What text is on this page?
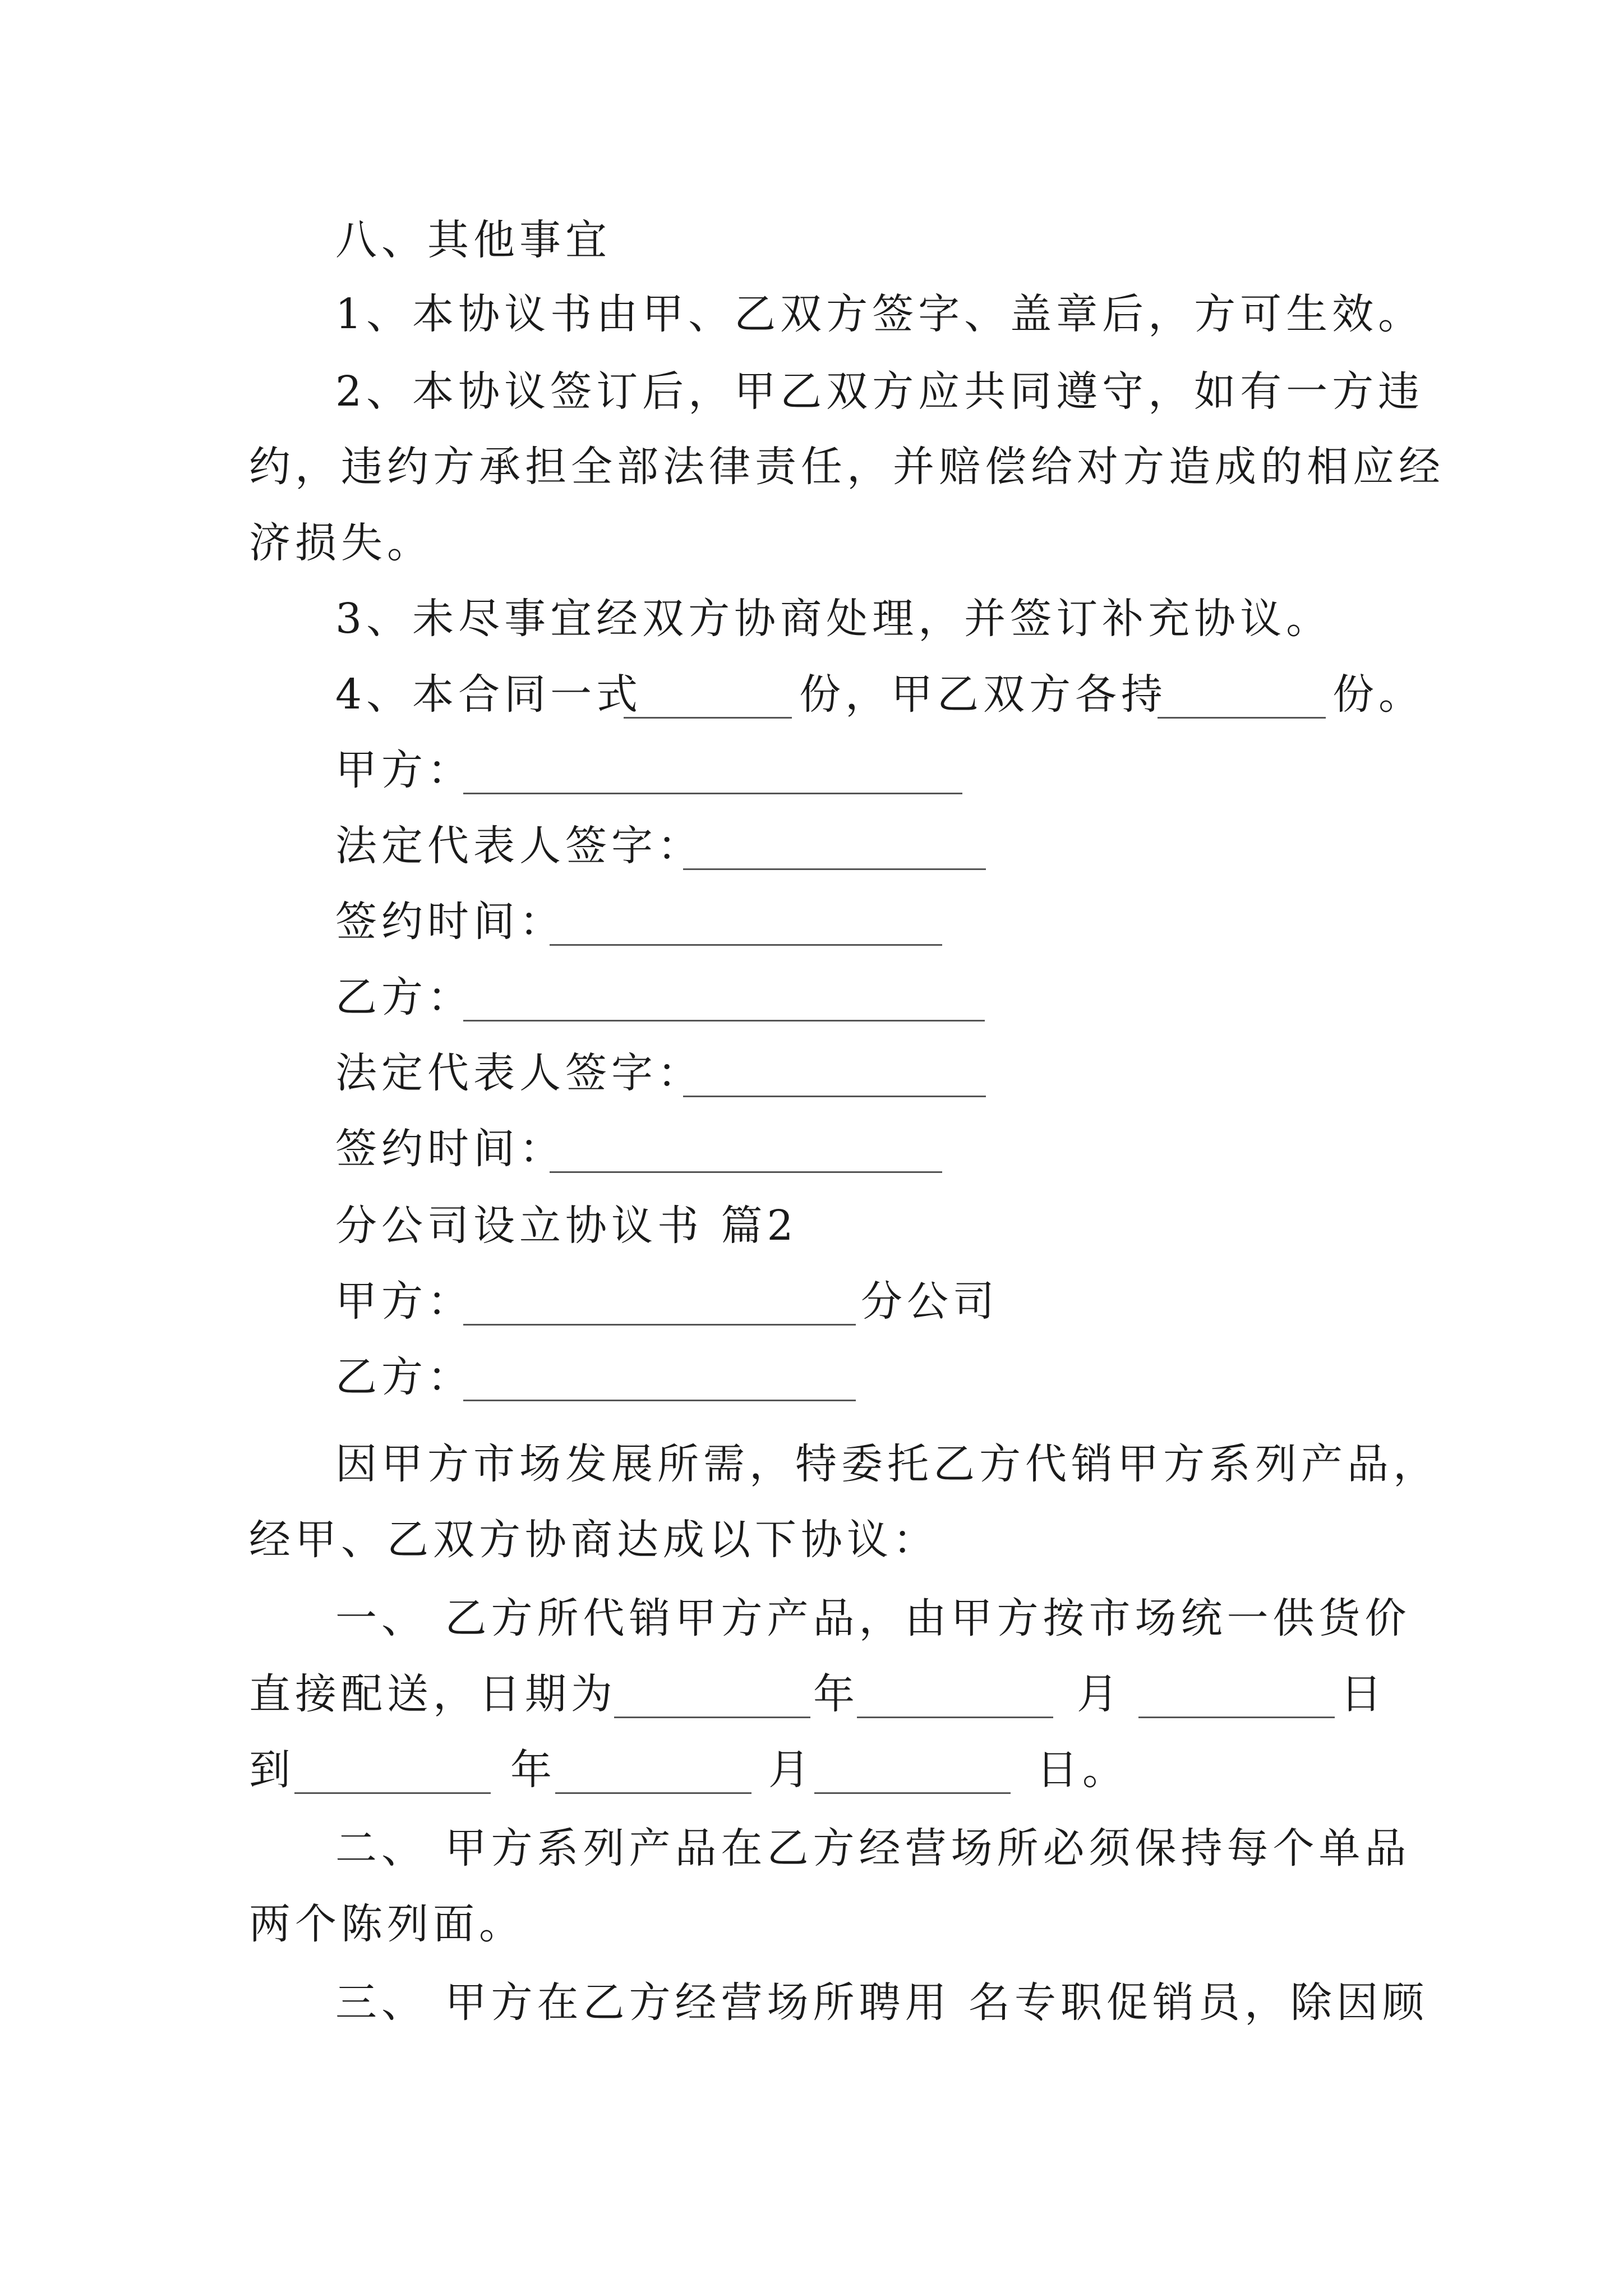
八、其他事宜
1、本协议书由甲、乙双方签字、盖章后，方可生效。
2、本协议签订后，甲乙双方应共同遵守，如有一方违
约，违约方承担全部法律责任，并赔偿给对方造成的相应经
济损失。
3、未尽事宜经双方协商处理，并签订补充协议。
4、本合同一式	份，甲乙双方各持	份。
甲方：
法定代表人签字：
签约时间：
乙方：
法定代表人签字：
签约时间：
分公司设立协议书 篇2
甲方：	分公司
乙方：
因甲方市场发展所需，特委托乙方代销甲方系列产品，
经甲、乙双方协商达成以下协议：
一、 乙方所代销甲方产品，由甲方按市场统一供货价
直接配送，日期为	年	月	日
到	年	月	日。
二、 甲方系列产品在乙方经营场所必须保持每个单品
两个陈列面。
三、 甲方在乙方经营场所聘用 名专职促销员，除因顾
